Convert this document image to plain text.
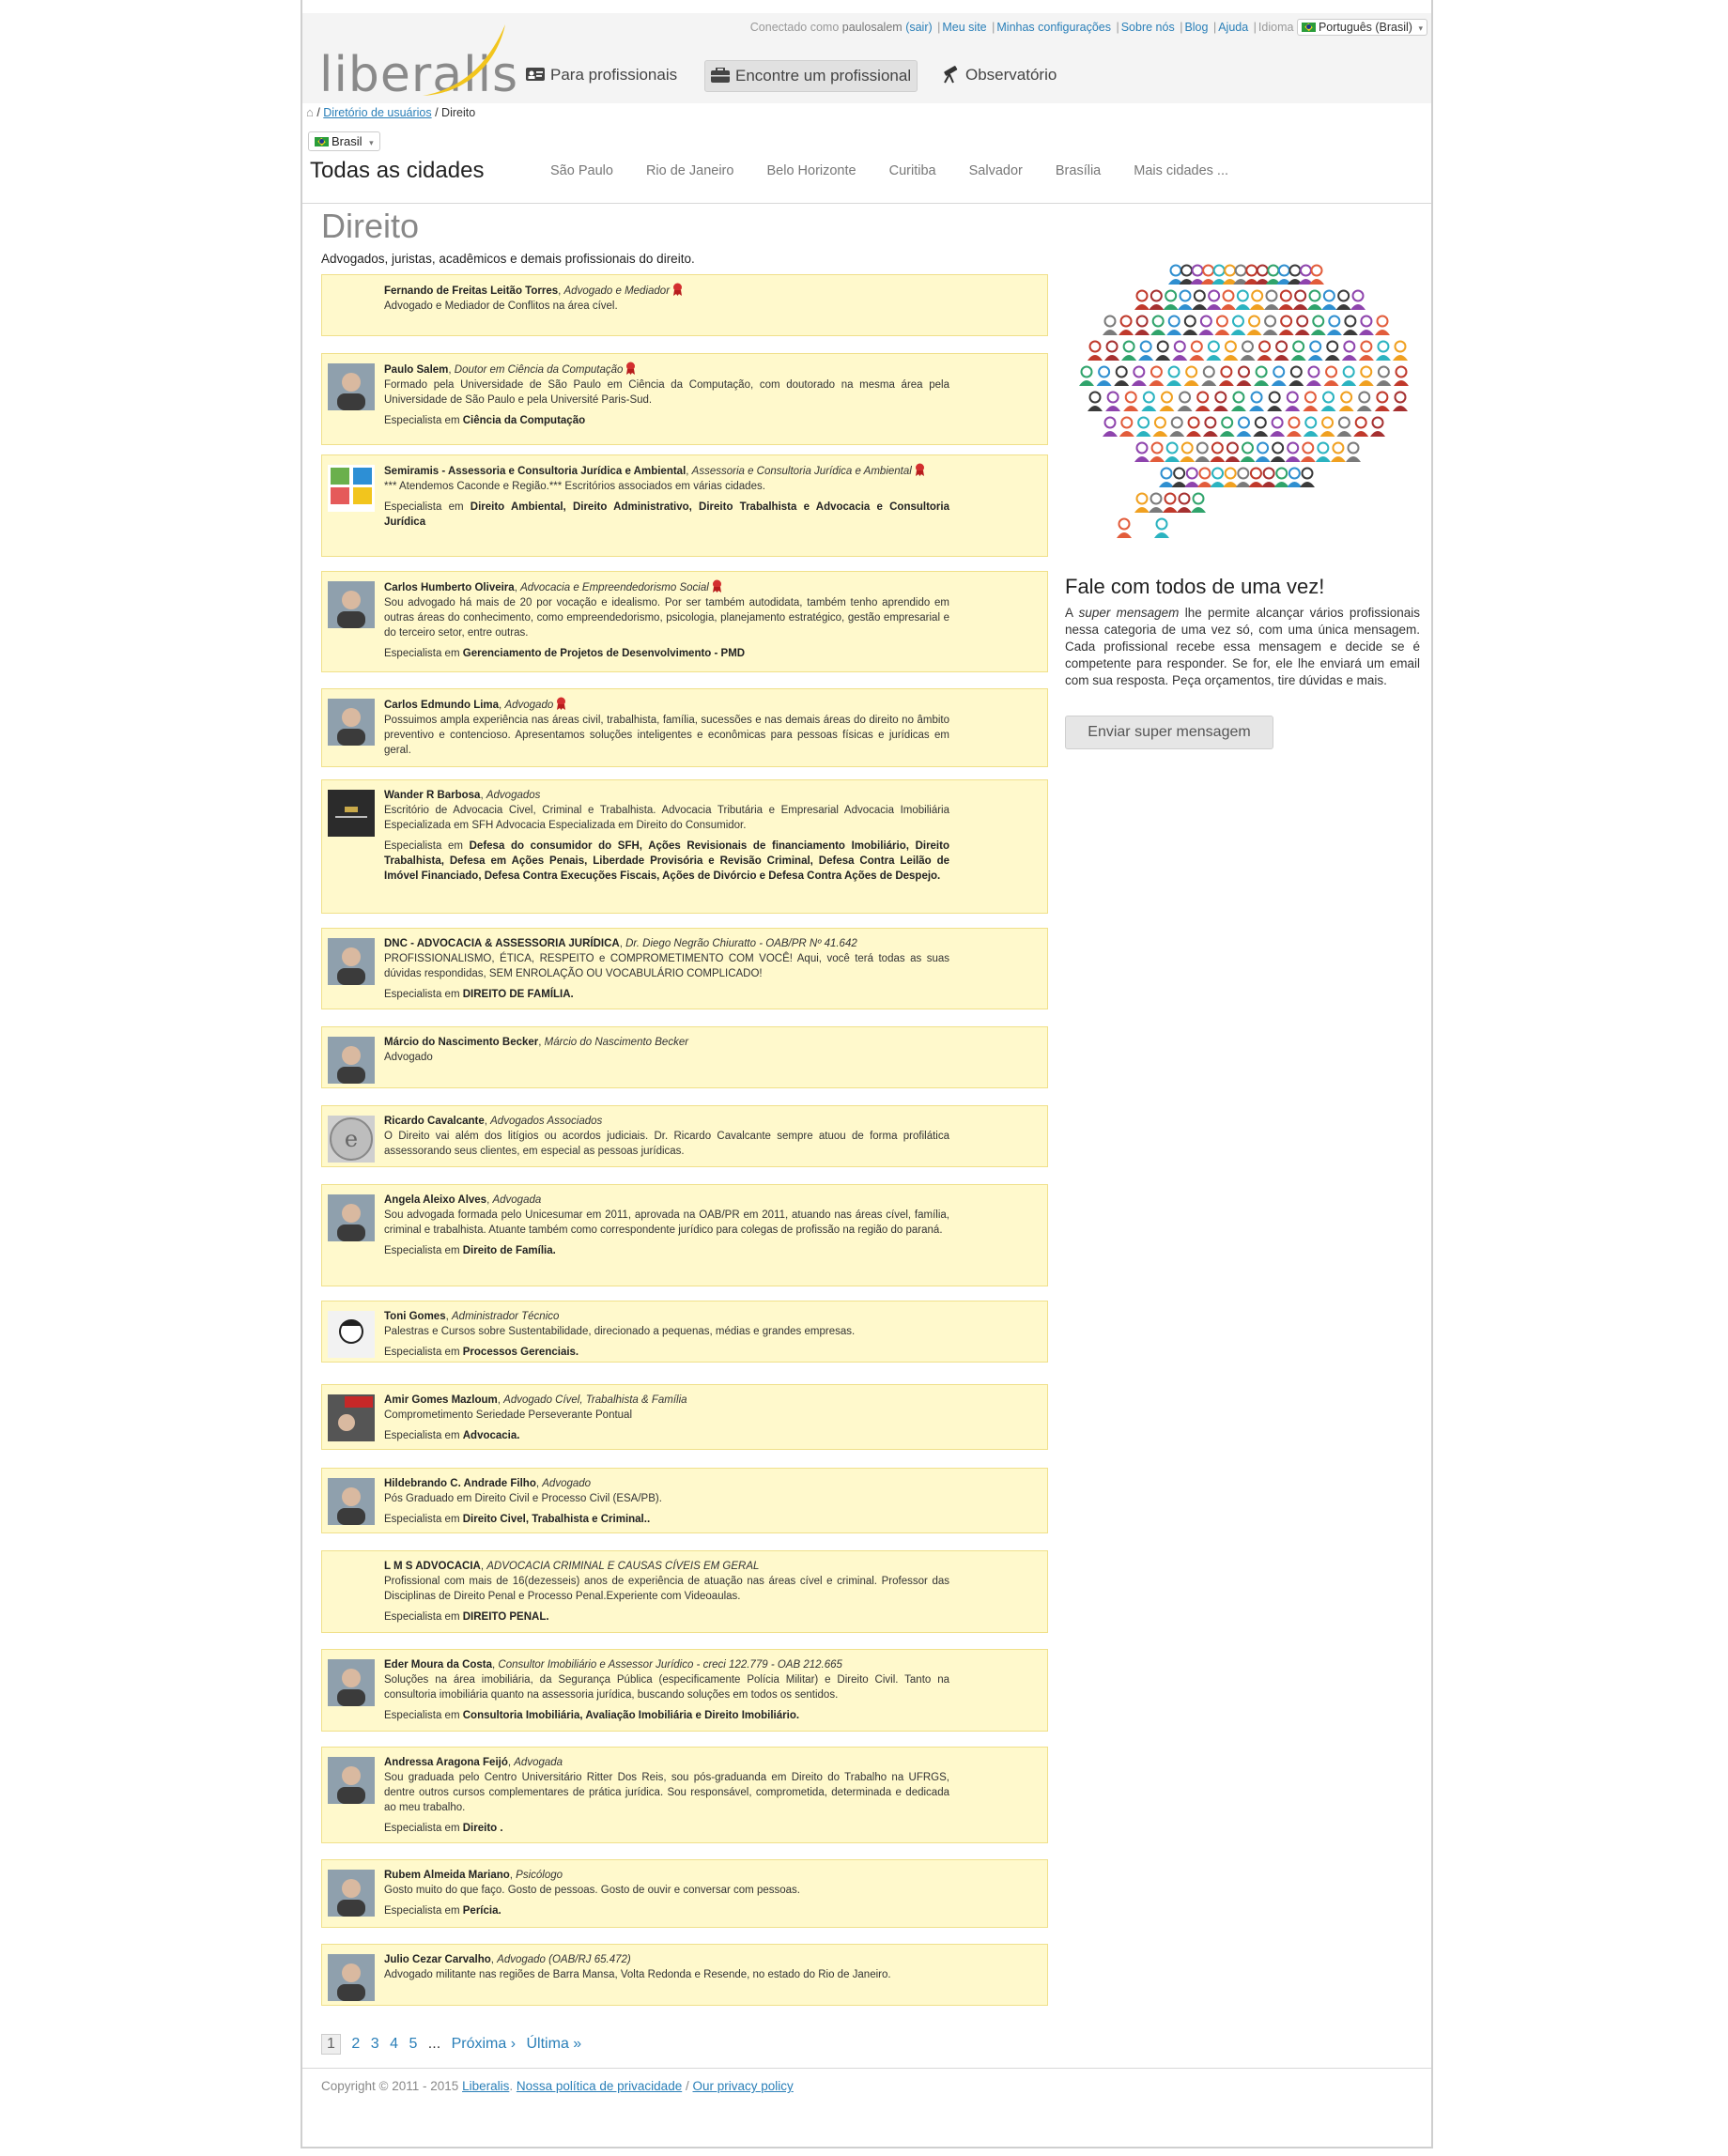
liberalis
Conectado como paulosalem (sair) | Meu site | Minhas configurações | Sobre nós | Blog | Ajuda | Idioma Português (Brasil) ▾
Para profissionais	Encontre um profissional	Observatório
⌂ / Diretório de usuários / Direito
Brasil ▾
Todas as cidades	São Paulo Rio de Janeiro Belo Horizonte Curitiba Salvador Brasília Mais cidades ...
Direito
Advogados, juristas, acadêmicos e demais profissionais do direito.
Fernando de Freitas Leitão Torres, Advogado e Mediador
Advogado e Mediador de Conflitos na área cível.
Paulo Salem, Doutor em Ciência da Computação
Formado pela Universidade de São Paulo em Ciência da Computação, com doutorado na mesma área pela Universidade de São Paulo e pela Université Paris-Sud.
Especialista em Ciência da Computação
Semiramis - Assessoria e Consultoria Jurídica e Ambiental, Assessoria e Consultoria Jurídica e Ambiental
*** Atendemos Caconde e Região.*** Escritórios associados em várias cidades.
Especialista em Direito Ambiental, Direito Administrativo, Direito Trabalhista e Advocacia e Consultoria Jurídica
Carlos Humberto Oliveira, Advocacia e Empreendedorismo Social
Sou advogado há mais de 20 por vocação e idealismo. Por ser também autodidata, também tenho aprendido em outras áreas do conhecimento, como empreendedorismo, psicologia, planejamento estratégico, gestão empresarial e do terceiro setor, entre outras.
Especialista em Gerenciamento de Projetos de Desenvolvimento - PMD
Carlos Edmundo Lima, Advogado
Possuimos ampla experiência nas áreas civil, trabalhista, família, sucessões e nas demais áreas do direito no âmbito preventivo e contencioso. Apresentamos soluções inteligentes e econômicas para pessoas físicas e jurídicas em geral.
Wander R Barbosa, Advogados
Escritório de Advocacia Civel, Criminal e Trabalhista. Advocacia Tributária e Empresarial Advocacia Imobiliária Especializada em SFH Advocacia Especializada em Direito do Consumidor.
Especialista em Defesa do consumidor do SFH, Ações Revisionais de financiamento Imobiliário, Direito Trabalhista, Defesa em Ações Penais, Liberdade Provisória e Revisão Criminal, Defesa Contra Leilão de Imóvel Financiado, Defesa Contra Execuções Fiscais, Ações de Divórcio e Defesa Contra Ações de Despejo.
DNC - ADVOCACIA & ASSESSORIA JURÍDICA, Dr. Diego Negrão Chiuratto - OAB/PR Nº 41.642
PROFISSIONALISMO, ÉTICA, RESPEITO e COMPROMETIMENTO COM VOCÊ! Aqui, você terá todas as suas dúvidas respondidas, SEM ENROLAÇÃO OU VOCABULÁRIO COMPLICADO!
Especialista em DIREITO DE FAMÍLIA.
Márcio do Nascimento Becker, Márcio do Nascimento Becker
Advogado
e
Ricardo Cavalcante, Advogados Associados
O Direito vai além dos litígios ou acordos judiciais. Dr. Ricardo Cavalcante sempre atuou de forma profilática assessorando seus clientes, em especial as pessoas jurídicas.
Angela Aleixo Alves, Advogada
Sou advogada formada pelo Unicesumar em 2011, aprovada na OAB/PR em 2011, atuando nas áreas cível, família, criminal e trabalhista. Atuante também como correspondente jurídico para colegas de profissão na região do paraná.
Especialista em Direito de Família.
Toni Gomes, Administrador Técnico
Palestras e Cursos sobre Sustentabilidade, direcionado a pequenas, médias e grandes empresas.
Especialista em Processos Gerenciais.
Amir Gomes Mazloum, Advogado Cível, Trabalhista & Família
Comprometimento Seriedade Perseverante Pontual
Especialista em Advocacia.
Hildebrando C. Andrade Filho, Advogado
Pós Graduado em Direito Civil e Processo Civil (ESA/PB).
Especialista em Direito Civel, Trabalhista e Criminal..
L M S ADVOCACIA, ADVOCACIA CRIMINAL E CAUSAS CÍVEIS EM GERAL
Profissional com mais de 16(dezesseis) anos de experiência de atuação nas áreas cível e criminal. Professor das Disciplinas de Direito Penal e Processo Penal.Experiente com Videoaulas.
Especialista em DIREITO PENAL.
Eder Moura da Costa, Consultor Imobiliário e Assessor Jurídico - creci 122.779 - OAB 212.665
Soluções na área imobiliária, da Segurança Pública (especificamente Polícia Militar) e Direito Civil. Tanto na consultoria imobiliária quanto na assessoria jurídica, buscando soluções em todos os sentidos.
Especialista em Consultoria Imobiliária, Avaliação Imobiliária e Direito Imobiliário.
Andressa Aragona Feijó, Advogada
Sou graduada pelo Centro Universitário Ritter Dos Reis, sou pós-graduanda em Direito do Trabalho na UFRGS, dentre outros cursos complementares de prática jurídica. Sou responsável, comprometida, determinada e dedicada ao meu trabalho.
Especialista em Direito .
Rubem Almeida Mariano, Psicólogo
Gosto muito do que faço. Gosto de pessoas. Gosto de ouvir e conversar com pessoas.
Especialista em Perícia.
Julio Cezar Carvalho, Advogado (OAB/RJ 65.472)
Advogado militante nas regiões de Barra Mansa, Volta Redonda e Resende, no estado do Rio de Janeiro.
Fale com todos de uma vez!
A super mensagem lhe permite alcançar vários profissionais nessa categoria de uma vez só, com uma única mensagem. Cada profissional recebe essa mensagem e decide se é competente para responder. Se for, ele lhe enviará um email com sua resposta. Peça orçamentos, tire dúvidas e mais.
Enviar super mensagem
1 2 3 4 5 ... Próxima › Última »
Copyright © 2011 - 2015 Liberalis. Nossa política de privacidade / Our privacy policy
